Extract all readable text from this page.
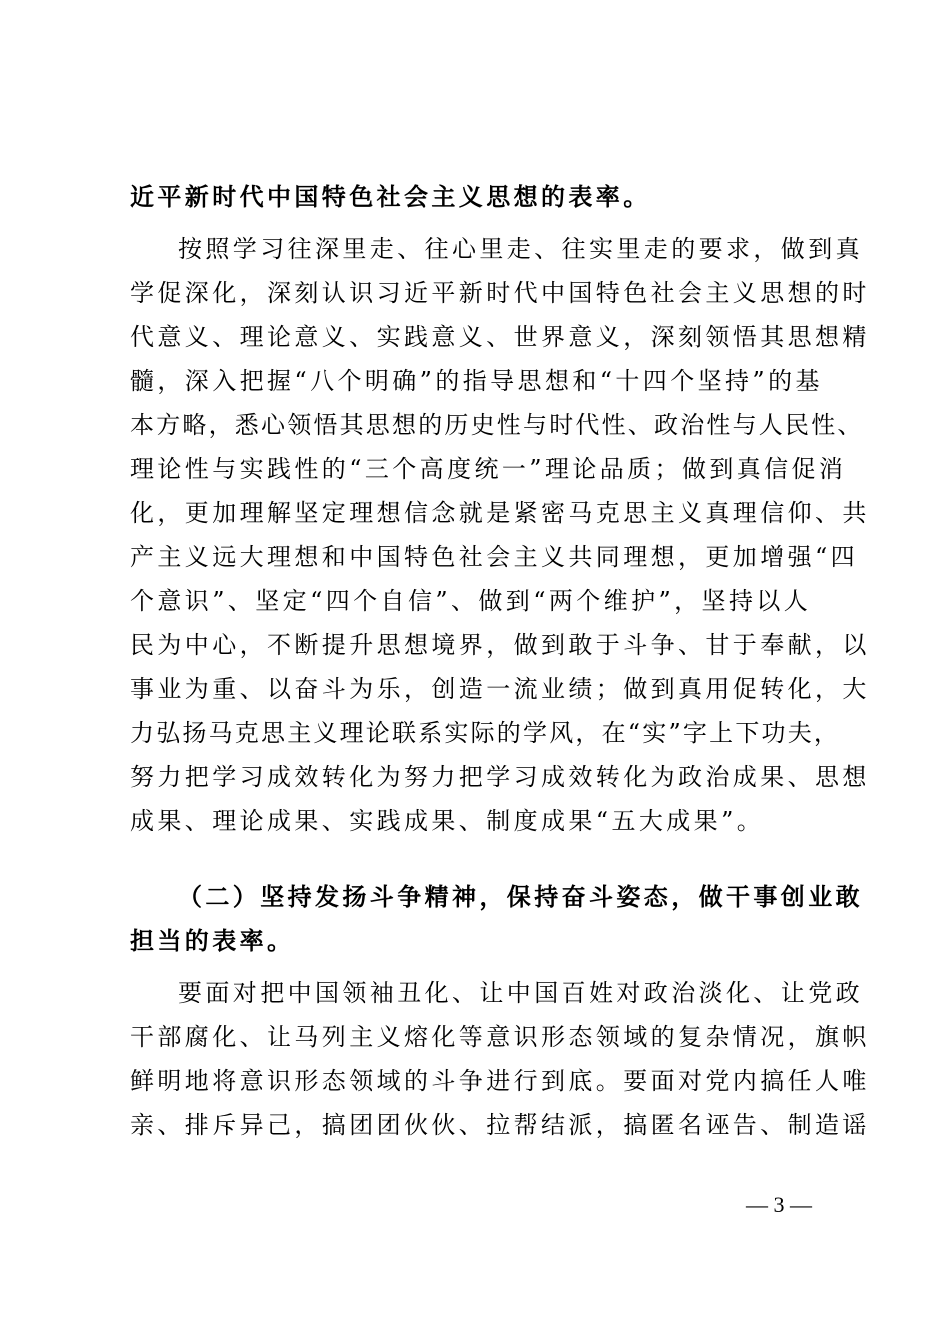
近平新时代中国特色社会主义思想的表率。
按照学习往深里走、往心里走、往实里走的要求，做到真
学促深化，深刻认识习近平新时代中国特色社会主义思想的时
代意义、理论意义、实践意义、世界意义，深刻领悟其思想精
髓，深入把握“八个明确”的指导思想和“十四个坚持”的基
本方略，悉心领悟其思想的历史性与时代性、政治性与人民性、
理论性与实践性的“三个高度统一”理论品质；做到真信促消
化，更加理解坚定理想信念就是紧密马克思主义真理信仰、共
产主义远大理想和中国特色社会主义共同理想，更加增强“四
个意识”、坚定“四个自信”、做到“两个维护”，坚持以人
民为中心，不断提升思想境界，做到敢于斗争、甘于奉献，以
事业为重、以奋斗为乐，创造一流业绩；做到真用促转化，大
力弘扬马克思主义理论联系实际的学风，在“实”字上下功夫，
努力把学习成效转化为努力把学习成效转化为政治成果、思想
成果、理论成果、实践成果、制度成果“五大成果”。
（二）坚持发扬斗争精神，保持奋斗姿态，做干事创业敢
担当的表率。
要面对把中国领袖丑化、让中国百姓对政治淡化、让党政
干部腐化、让马列主义熔化等意识形态领域的复杂情况，旗帜
鲜明地将意识形态领域的斗争进行到底。要面对党内搞任人唯
亲、排斥异己，搞团团伙伙、拉帮结派，搞匿名诬告、制造谣
— 3 —
